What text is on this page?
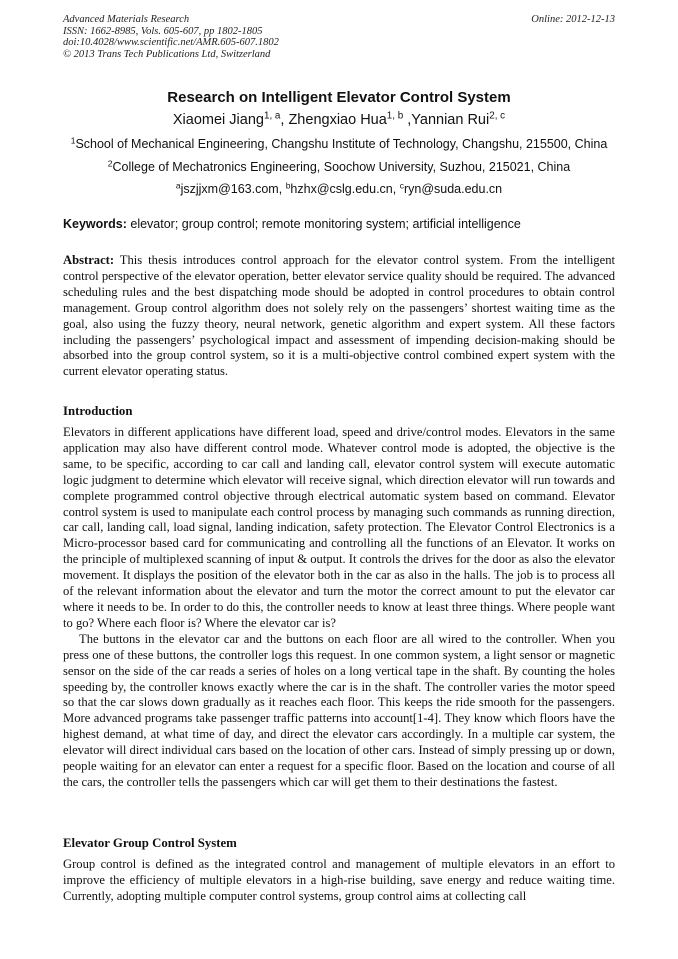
Advanced Materials Research
ISSN: 1662-8985, Vols. 605-607, pp 1802-1805
doi:10.4028/www.scientific.net/AMR.605-607.1802
© 2013 Trans Tech Publications Ltd, Switzerland
Online: 2012-12-13
Research on Intelligent Elevator Control System
Xiaomei Jiang$^{1, a}$, Zhengxiao Hua$^{1, b}$ ,Yannian Rui$^{2, c}$
$^1$School of Mechanical Engineering, Changshu Institute of Technology, Changshu, 215500, China
$^2$College of Mechatronics Engineering, Soochow University, Suzhou, 215021, China
$^a$jszjjxm@163.com, $^b$hzhx@cslg.edu.cn, $^c$ryn@suda.edu.cn
Keywords: elevator; group control; remote monitoring system; artificial intelligence

Abstract: This thesis introduces control approach for the elevator control system. From the intelligent control perspective of the elevator operation, better elevator service quality should be required. The advanced scheduling rules and the best dispatching mode should be adopted in control procedures to obtain control management. Group control algorithm does not solely rely on the passengers’ shortest waiting time as the goal, also using the fuzzy theory, neural network, genetic algorithm and expert system. All these factors including the passengers’ psychological impact and assessment of impending decision-making should be absorbed into the group control system, so it is a multi-objective control combined expert system with the current elevator operating status.

Introduction

Elevators in different applications have different load, speed and drive/control modes. Elevators in the same application may also have different control mode. Whatever control mode is adopted, the objective is the same, to be specific, according to car call and landing call, elevator control system will execute automatic logic judgment to determine which elevator will receive signal, which direction elevator will run towards and complete programmed control objective through electrical automatic system based on command. Elevator control system is used to manipulate each control process by managing such commands as running direction, car call, landing call, load signal, landing indication, safety protection. The Elevator Control Electronics is a Micro-processor based card for communicating and controlling all the functions of an Elevator. It works on the principle of multiplexed scanning of input & output. It controls the drives for the door as also the elevator movement. It displays the position of the elevator both in the car as also in the halls. The job is to process all of the relevant information about the elevator and turn the motor the correct amount to put the elevator car where it needs to be. In order to do this, the controller needs to know at least three things. Where people want to go? Where each floor is? Where the elevator car is?

The buttons in the elevator car and the buttons on each floor are all wired to the controller. When you press one of these buttons, the controller logs this request. In one common system, a light sensor or magnetic sensor on the side of the car reads a series of holes on a long vertical tape in the shaft. By counting the holes speeding by, the controller knows exactly where the car is in the shaft. The controller varies the motor speed so that the car slows down gradually as it reaches each floor. This keeps the ride smooth for the passengers. More advanced programs take passenger traffic patterns into account[1-4]. They know which floors have the highest demand, at what time of day, and direct the elevator cars accordingly. In a multiple car system, the elevator will direct individual cars based on the location of other cars. Instead of simply pressing up or down, people waiting for an elevator can enter a request for a specific floor. Based on the location and course of all the cars, the controller tells the passengers which car will get them to their destinations the fastest.

Elevator Group Control System

Group control is defined as the integrated control and management of multiple elevators in an effort to improve the efficiency of multiple elevators in a high-rise building, save energy and reduce waiting time. Currently, adopting multiple computer control systems, group control aims at collecting call
